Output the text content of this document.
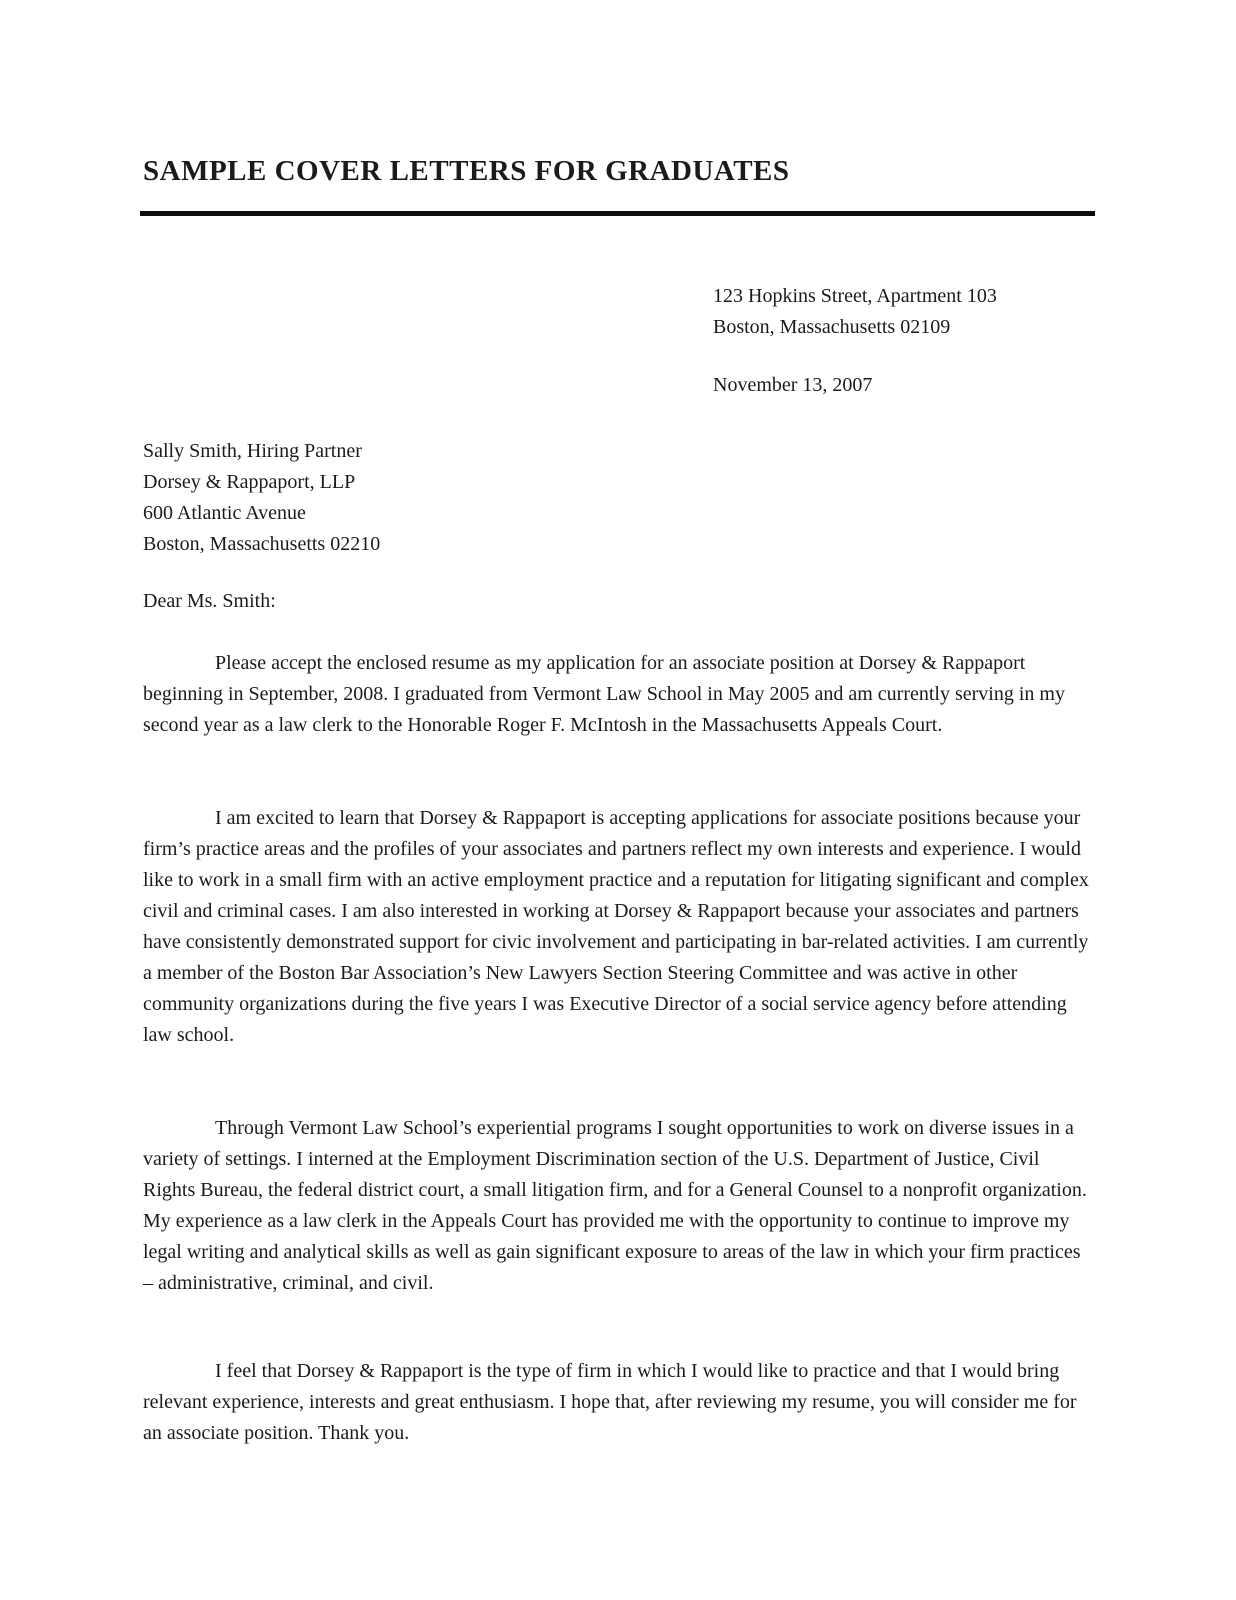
SAMPLE COVER LETTERS FOR GRADUATES
123 Hopkins Street, Apartment 103
Boston, Massachusetts 02109
November 13, 2007
Sally Smith, Hiring Partner
Dorsey & Rappaport, LLP
600 Atlantic Avenue
Boston, Massachusetts 02210
Dear Ms. Smith:
Please accept the enclosed resume as my application for an associate position at Dorsey & Rappaport beginning in September, 2008. I graduated from Vermont Law School in May 2005 and am currently serving in my second year as a law clerk to the Honorable Roger F. McIntosh in the Massachusetts Appeals Court.
I am excited to learn that Dorsey & Rappaport is accepting applications for associate positions because your firm’s practice areas and the profiles of your associates and partners reflect my own interests and experience. I would like to work in a small firm with an active employment practice and a reputation for litigating significant and complex civil and criminal cases. I am also interested in working at Dorsey & Rappaport because your associates and partners have consistently demonstrated support for civic involvement and participating in bar-related activities. I am currently a member of the Boston Bar Association’s New Lawyers Section Steering Committee and was active in other community organizations during the five years I was Executive Director of a social service agency before attending law school.
Through Vermont Law School’s experiential programs I sought opportunities to work on diverse issues in a variety of settings. I interned at the Employment Discrimination section of the U.S. Department of Justice, Civil Rights Bureau, the federal district court, a small litigation firm, and for a General Counsel to a nonprofit organization. My experience as a law clerk in the Appeals Court has provided me with the opportunity to continue to improve my legal writing and analytical skills as well as gain significant exposure to areas of the law in which your firm practices – administrative, criminal, and civil.
I feel that Dorsey & Rappaport is the type of firm in which I would like to practice and that I would bring relevant experience, interests and great enthusiasm. I hope that, after reviewing my resume, you will consider me for an associate position. Thank you.
